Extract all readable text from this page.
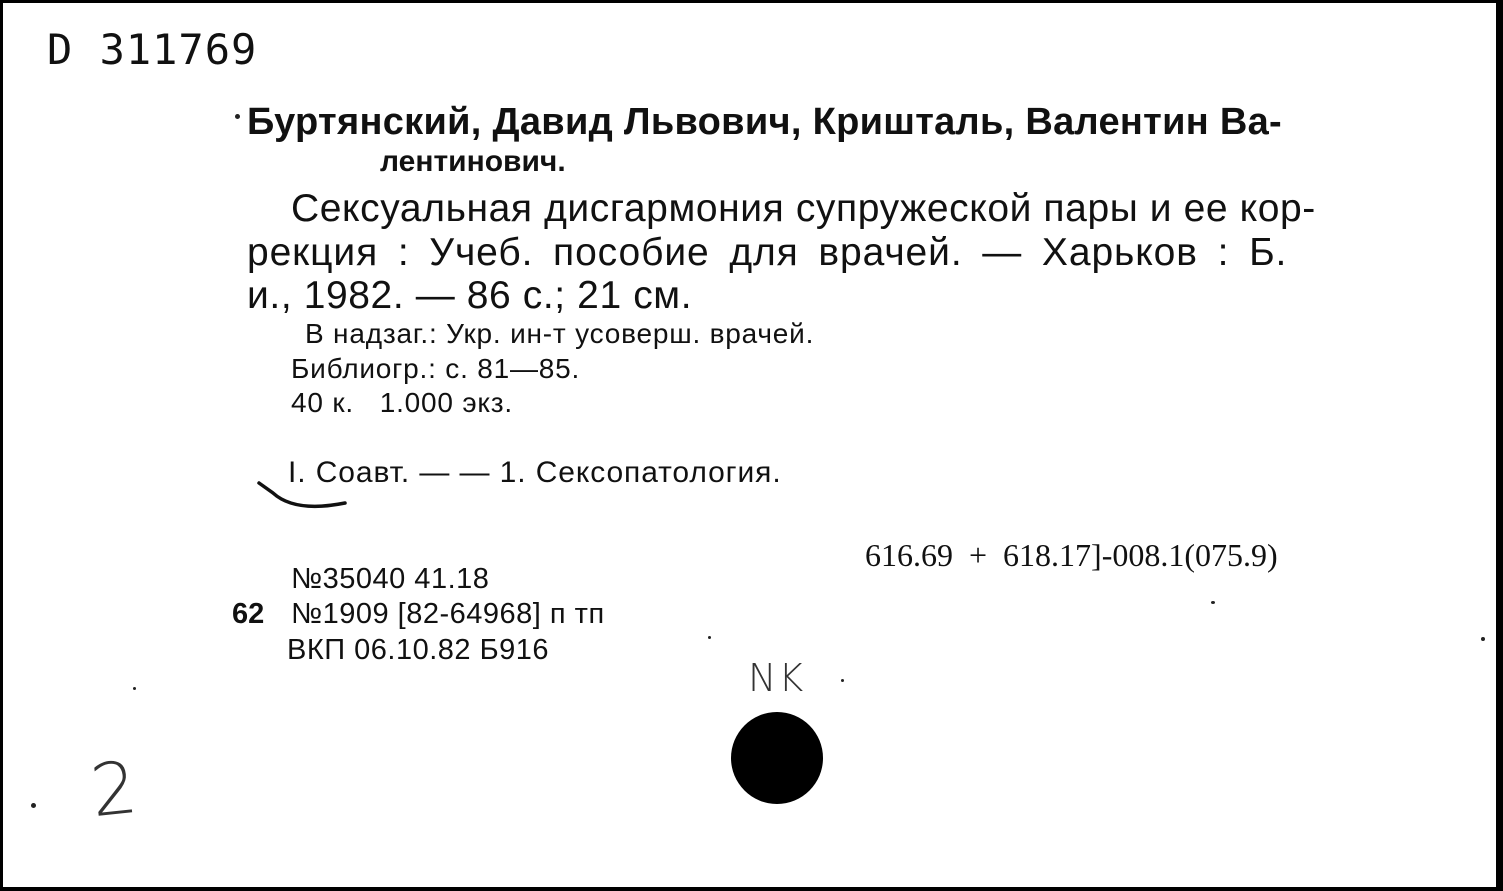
D 311769
Буртянский, Давид Львович, Кришталь, Валентин Ва-
лентинович.
Сексуальная дисгармония супружеской пары и ее кор-
рекция : Учеб. пособие для врачей. — Харьков : Б.
и., 1982. — 86 с.; 21 см.
В надзаг.: Укр. ин-т усоверш. врачей.
Библиогр.: с. 81—85.
40 к.   1.000 экз.
I. Соавт. — — 1. Сексопатология.
616.69  +  618.17]-008.1(075.9)
№35040 41.18
62 №1909 [82-64968] п тп
ВКП 06.10.82 Б916
NK
2
